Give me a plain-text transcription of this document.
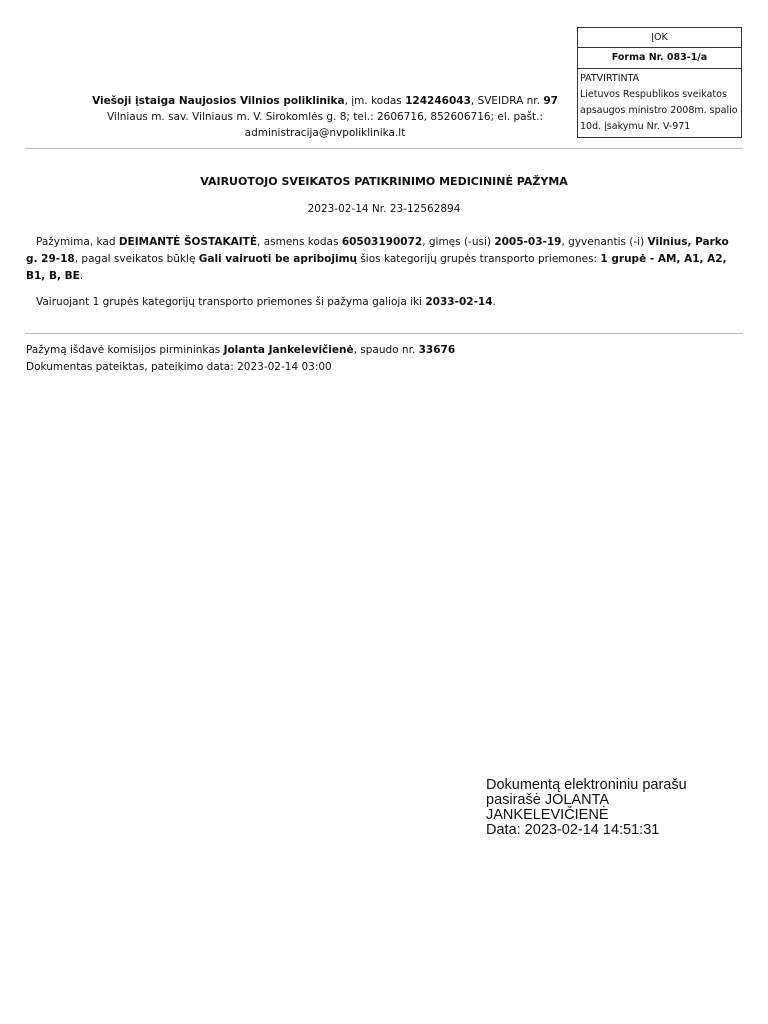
ĮOK
Forma Nr. 083-1/a
PATVIRTINTA
Lietuvos Respublikos sveikatos
apsaugos ministro 2008m. spalio
10d. įsakymu Nr. V-971
Viešoji įstaiga Naujosios Vilnios poliklinika, įm. kodas 124246043, SVEIDRA nr. 97
Vilniaus m. sav. Vilniaus m. V. Sirokomlės g. 8; tel.: 2606716, 852606716; el. pašt.:
administracija@nvpoliklinika.lt
VAIRUOTOJO SVEIKATOS PATIKRINIMO MEDICININĖ PAŽYMA
2023-02-14 Nr. 23-12562894
Pažymima, kad DEIMANTĖ ŠOSTAKAITĖ, asmens kodas 60503190072, gimęs (-usi) 2005-03-19, gyvenantis (-i) Vilnius, Parko g. 29-18, pagal sveikatos būklę Gali vairuoti be apribojimų šios kategorijų grupės transporto priemones: 1 grupė - AM, A1, A2, B1, B, BE.
Vairuojant 1 grupės kategorijų transporto priemones ši pažyma galioja iki 2033-02-14.
Pažymą išdavė komisijos pirmininkas Jolanta Jankelevičienė, spaudo nr. 33676
Dokumentas pateiktas, pateikimo data: 2023-02-14 03:00
Dokumentą elektroniniu parašu
pasirašė JOLANTA
JANKELEVIČIENĖ
Data: 2023-02-14 14:51:31
